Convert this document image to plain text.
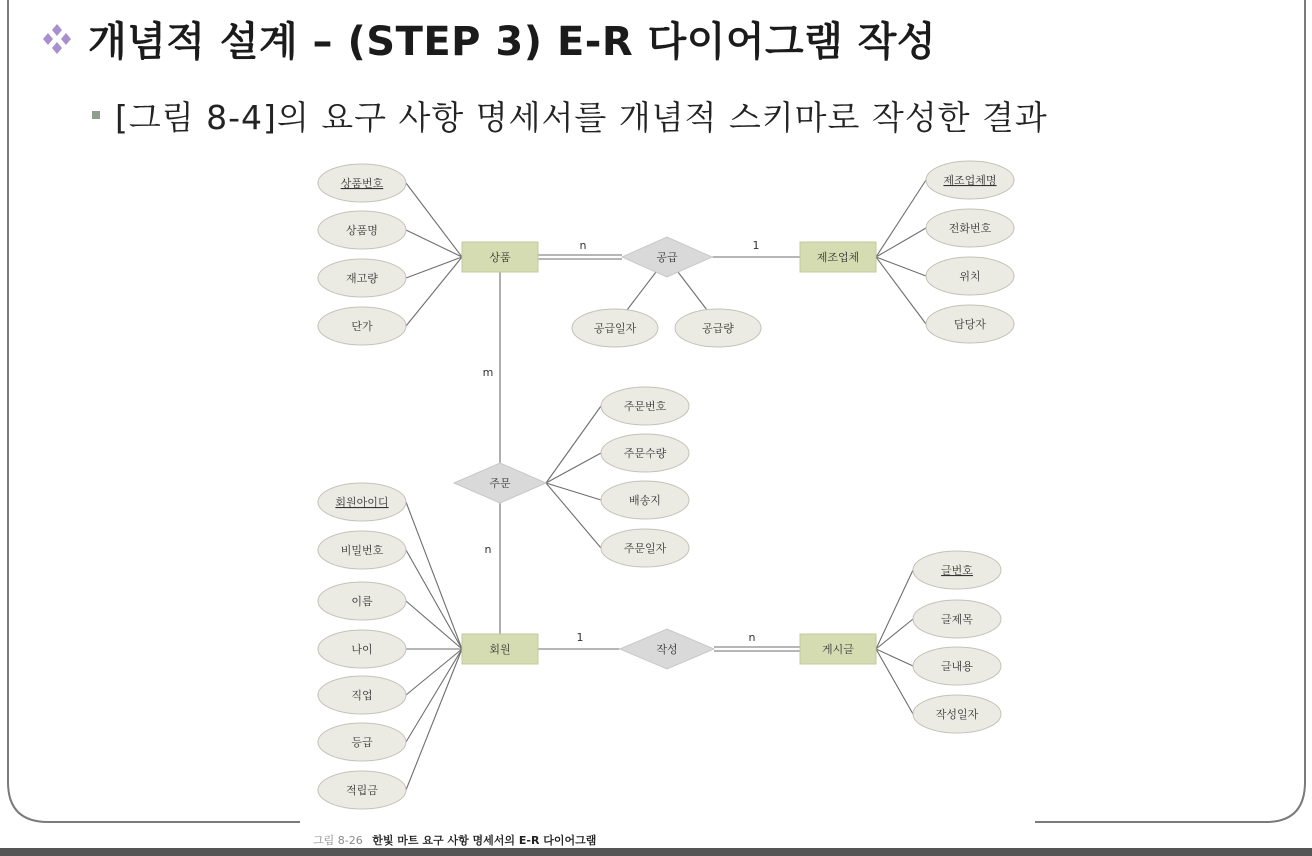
n	1
m
n
1	n
상품	제조업체
회원	게시글
공급
주문
작성
상품번호
상품명
재고량
단가
제조업체명
전화번호
위치
담당자
회원아이디
비밀번호
이름
나이
직업
등급
적립금
글번호
글제목
글내용
작성일자
공급일자	공급량
주문번호
주문수량
배송지
주문일자
그림 8-26 한빛 마트 요구 사항 명세서의 E-R 다이어그램
개념적 설계 – (STEP 3) E-R 다이어그램 작성
[그림 8-4]의 요구 사항 명세서를 개념적 스키마로 작성한 결과
